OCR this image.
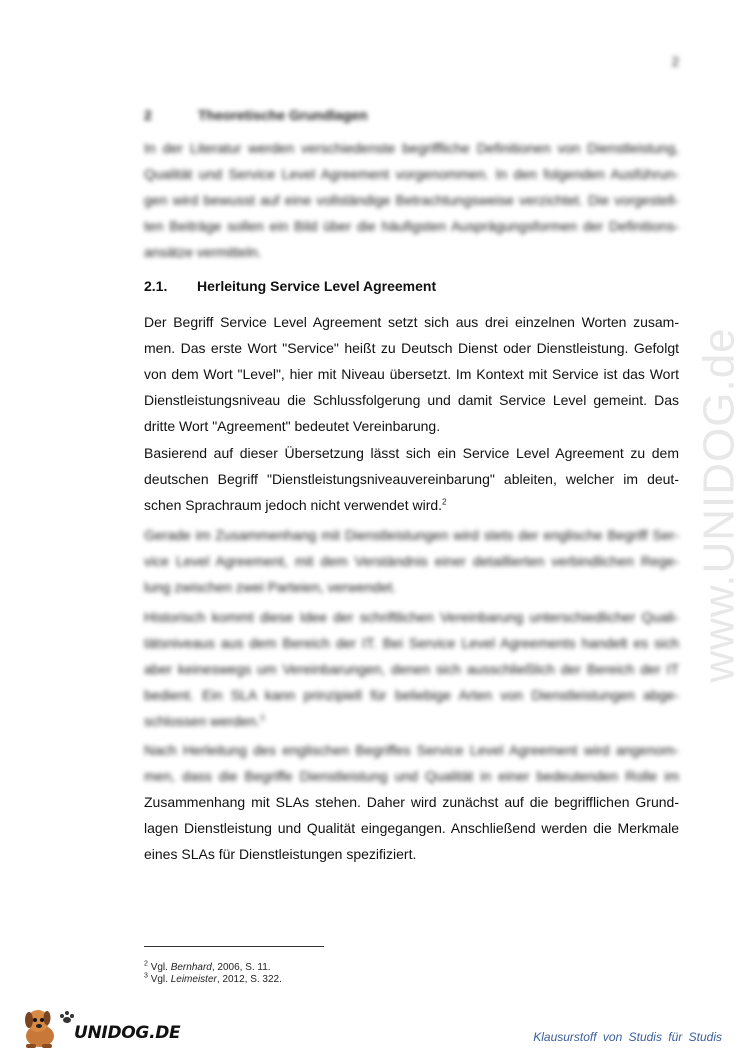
2
2	Theoretische Grundlagen
In der Literatur werden verschiedenste begriffliche Definitionen von Dienstleistung,
Qualität und Service Level Agreement vorgenommen. In den folgenden Ausführun-
gen wird bewusst auf eine vollständige Betrachtungsweise verzichtet. Die vorgestell-
ten Beiträge sollen ein Bild über die häufigsten Ausprägungsformen der Definitions-
ansätze vermitteln.
2.1. Herleitung Service Level Agreement
Der Begriff Service Level Agreement setzt sich aus drei einzelnen Worten zusam-
men. Das erste Wort "Service" heißt zu Deutsch Dienst oder Dienstleistung. Gefolgt
von dem Wort "Level", hier mit Niveau übersetzt. Im Kontext mit Service ist das Wort
Dienstleistungsniveau die Schlussfolgerung und damit Service Level gemeint. Das
dritte Wort "Agreement" bedeutet Vereinbarung.
Basierend auf dieser Übersetzung lässt sich ein Service Level Agreement zu dem
deutschen Begriff "Dienstleistungsniveauvereinbarung" ableiten, welcher im deut-
schen Sprachraum jedoch nicht verwendet wird.$^2$
Gerade im Zusammenhang mit Dienstleistungen wird stets der englische Begriff Ser-
vice Level Agreement, mit dem Verständnis einer detaillierten verbindlichen Rege-
lung zwischen zwei Parteien, verwendet.
Historisch kommt diese Idee der schriftlichen Vereinbarung unterschiedlicher Quali-
tätsniveaus aus dem Bereich der IT. Bei Service Level Agreements handelt es sich
aber keineswegs um Vereinbarungen, denen sich ausschließlich der Bereich der IT
bedient. Ein SLA kann prinzipiell für beliebige Arten von Dienstleistungen abge-
schlossen werden.$^3$
Nach Herleitung des englischen Begriffes Service Level Agreement wird angenom-
men, dass die Begriffe Dienstleistung und Qualität in einer bedeutenden Rolle im
Zusammenhang mit SLAs stehen. Daher wird zunächst auf die begrifflichen Grund-
lagen Dienstleistung und Qualität eingegangen. Anschließend werden die Merkmale
eines SLAs für Dienstleistungen spezifiziert.
www.UNIDOG.de
$^2$ Vgl. Bernhard, 2006, S. 11.
$^3$ Vgl. Leimeister, 2012, S. 322.
UNIDOG.DE	Klausurstoff von Studis für Studis
